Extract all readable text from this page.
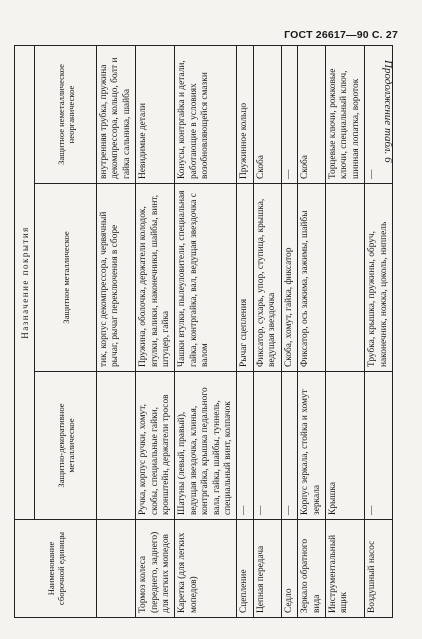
ГОСТ 26617—90 С. 27
Продолжение табл. 6
Наименование сборочной единицы	Назначение покрытия		
	Защитно-декоративное металлическое	Защитное металлическое	Защитное неметаллическое неорганическое
		тик, корпус декомпрессора, червячный рычаг, рычаг переключения в сборе	внутренняя трубка, пружина декомпрессора, кольцо, болт и гайка сальника, шайба
Тормоз колеса (переднего, заднего) для легких мопедов	Ручка, корпус ручки, хомут, скобы, специальные гайки, кронштейн, держатели тросов	Пружина, оболочка, держатели колодок, втулки, валики, наконечники, шайбы, винт, штуцер, гайка	Невидимые детали
Каретка (для легких мопедов)	Шатуны (левый, правый), ведущая звездочка, клинья, контргайка, крышка педального вала, гайка, шайбы, туннель, специальный винт, колпачок	Чашки втулки, пылеуловители, специальная гайка, контргайка, вал, ведущая звездочка с валом	Конусы, контргайка и детали, работающие в условиях возобновляющейся смазки
Сцепление	—	Рычаг сцепления	Пружинное кольцо
Цепная передача	—	Фиксатор, сухарь, упор, ступица, крышка, ведущая звездочка	Скоба
Седло	—	Скоба, хомут, гайка, фиксатор	—
Зеркало обратного вида	Корпус зеркала, стойка и хомут зеркала	Фиксатор, ось зажима, зажимы, шайбы	Скоба
Инструментальный ящик	Крышка		Торцевые ключи, рожковые ключи, специальный ключ, шинная лопатка, вороток
Воздушный насос	—	Трубка, крышка, пружины, обруч, наконечник, ножка, цоколь, ниппель	—
